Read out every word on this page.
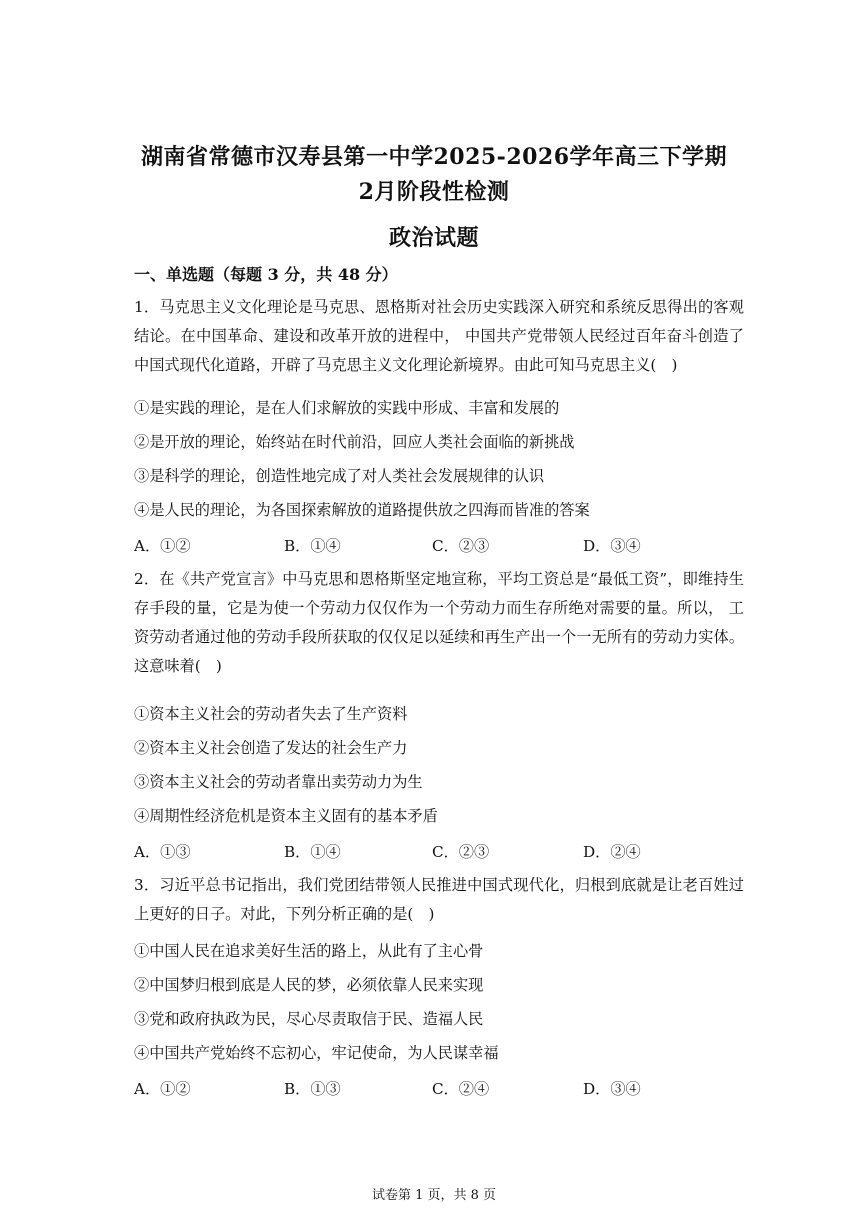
湖南省常德市汉寿县第一中学2025-2026学年高三下学期
2月阶段性检测
政治试题
一、单选题（每题 3 分，共 48 分）
1．马克思主义文化理论是马克思、恩格斯对社会历史实践深入研究和系统反思得出的客观结论。在中国革命、建设和改革开放的进程中， 中国共产党带领人民经过百年奋斗创造了中国式现代化道路，开辟了马克思主义文化理论新境界。由此可知马克思主义(　)
①是实践的理论，是在人们求解放的实践中形成、丰富和发展的
②是开放的理论，始终站在时代前沿，回应人类社会面临的新挑战
③是科学的理论，创造性地完成了对人类社会发展规律的认识
④是人民的理论，为各国探索解放的道路提供放之四海而皆准的答案
A．①②	B．①④	C．②③	D．③④
2．在《共产党宣言》中马克思和恩格斯坚定地宣称，平均工资总是“最低工资”，即维持生存手段的量，它是为使一个劳动力仅仅作为一个劳动力而生存所绝对需要的量。所以， 工资劳动者通过他的劳动手段所获取的仅仅足以延续和再生产出一个一无所有的劳动力实体。这意味着(　)
①资本主义社会的劳动者失去了生产资料
②资本主义社会创造了发达的社会生产力
③资本主义社会的劳动者靠出卖劳动力为生
④周期性经济危机是资本主义固有的基本矛盾
A．①③	B．①④	C．②③	D．②④
3．习近平总书记指出，我们党团结带领人民推进中国式现代化，归根到底就是让老百姓过上更好的日子。对此，下列分析正确的是(　)
①中国人民在追求美好生活的路上，从此有了主心骨
②中国梦归根到底是人民的梦，必须依靠人民来实现
③党和政府执政为民，尽心尽责取信于民、造福人民
④中国共产党始终不忘初心，牢记使命，为人民谋幸福
A．①②	B．①③	C．②④	D．③④
试卷第 1 页，共 8 页
